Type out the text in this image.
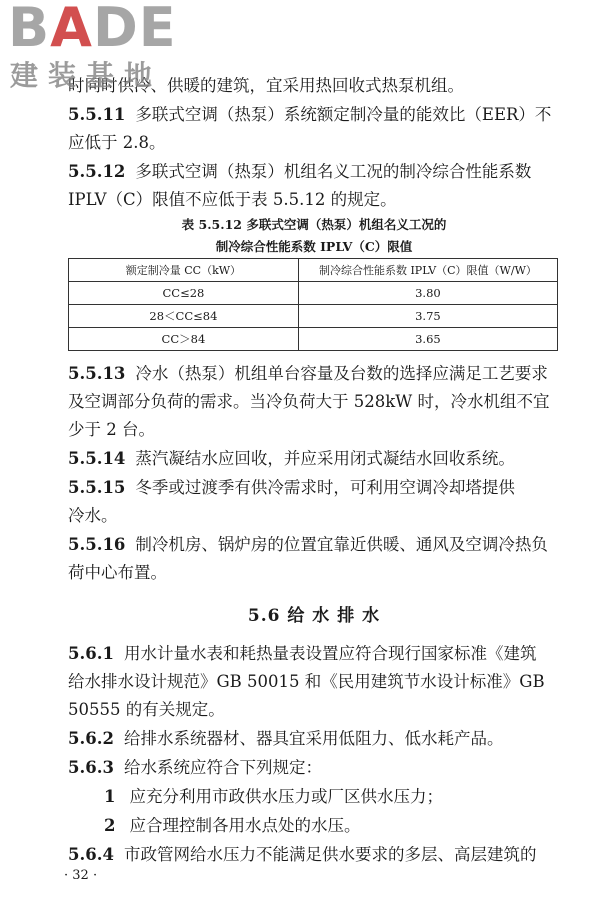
BADE
建装基地
时同时供冷、供暖的建筑，宜采用热回收式热泵机组。
5.5.11 多联式空调（热泵）系统额定制冷量的能效比（EER）不
应低于 2.8。
5.5.12 多联式空调（热泵）机组名义工况的制冷综合性能系数
IPLV（C）限值不应低于表 5.5.12 的规定。
表 5.5.12 多联式空调（热泵）机组名义工况的
制冷综合性能系数 IPLV（C）限值
额定制冷量 CC（kW）	制冷综合性能系数 IPLV（C）限值（W/W）
CC≤28	3.80
28＜CC≤84	3.75
CC＞84	3.65
5.5.13 冷水（热泵）机组单台容量及台数的选择应满足工艺要求
及空调部分负荷的需求。当冷负荷大于 528kW 时，冷水机组不宜
少于 2 台。
5.5.14 蒸汽凝结水应回收，并应采用闭式凝结水回收系统。
5.5.15 冬季或过渡季有供冷需求时，可利用空调冷却塔提供
冷水。
5.5.16 制冷机房、锅炉房的位置宜靠近供暖、通风及空调冷热负
荷中心布置。
5.6 给 水 排 水
5.6.1 用水计量水表和耗热量表设置应符合现行国家标准《建筑
给水排水设计规范》GB 50015 和《民用建筑节水设计标准》GB
50555 的有关规定。
5.6.2 给排水系统器材、器具宜采用低阻力、低水耗产品。
5.6.3 给水系统应符合下列规定：
1 应充分利用市政供水压力或厂区供水压力；
2 应合理控制各用水点处的水压。
5.6.4 市政管网给水压力不能满足供水要求的多层、高层建筑的
· 32 ·
